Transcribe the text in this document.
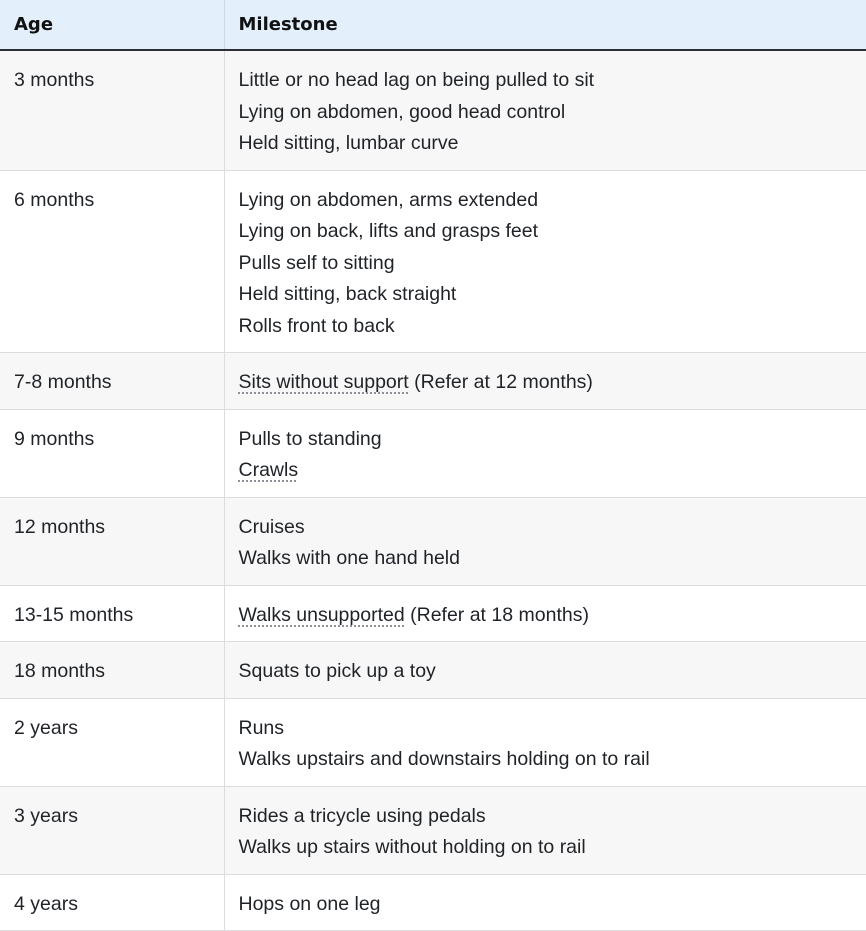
Age	Milestone
3 months	Little or no head lag on being pulled to sit
Lying on abdomen, good head control
Held sitting, lumbar curve

6 months	Lying on abdomen, arms extended
Lying on back, lifts and grasps feet
Pulls self to sitting
Held sitting, back straight
Rolls front to back

7-8 months	Sits without support (Refer at 12 months)

9 months	Pulls to standing
Crawls

12 months	Cruises
Walks with one hand held

13-15 months	Walks unsupported (Refer at 18 months)

18 months	Squats to pick up a toy

2 years	Runs
Walks upstairs and downstairs holding on to rail

3 years	Rides a tricycle using pedals
Walks up stairs without holding on to rail

4 years	Hops on one leg
